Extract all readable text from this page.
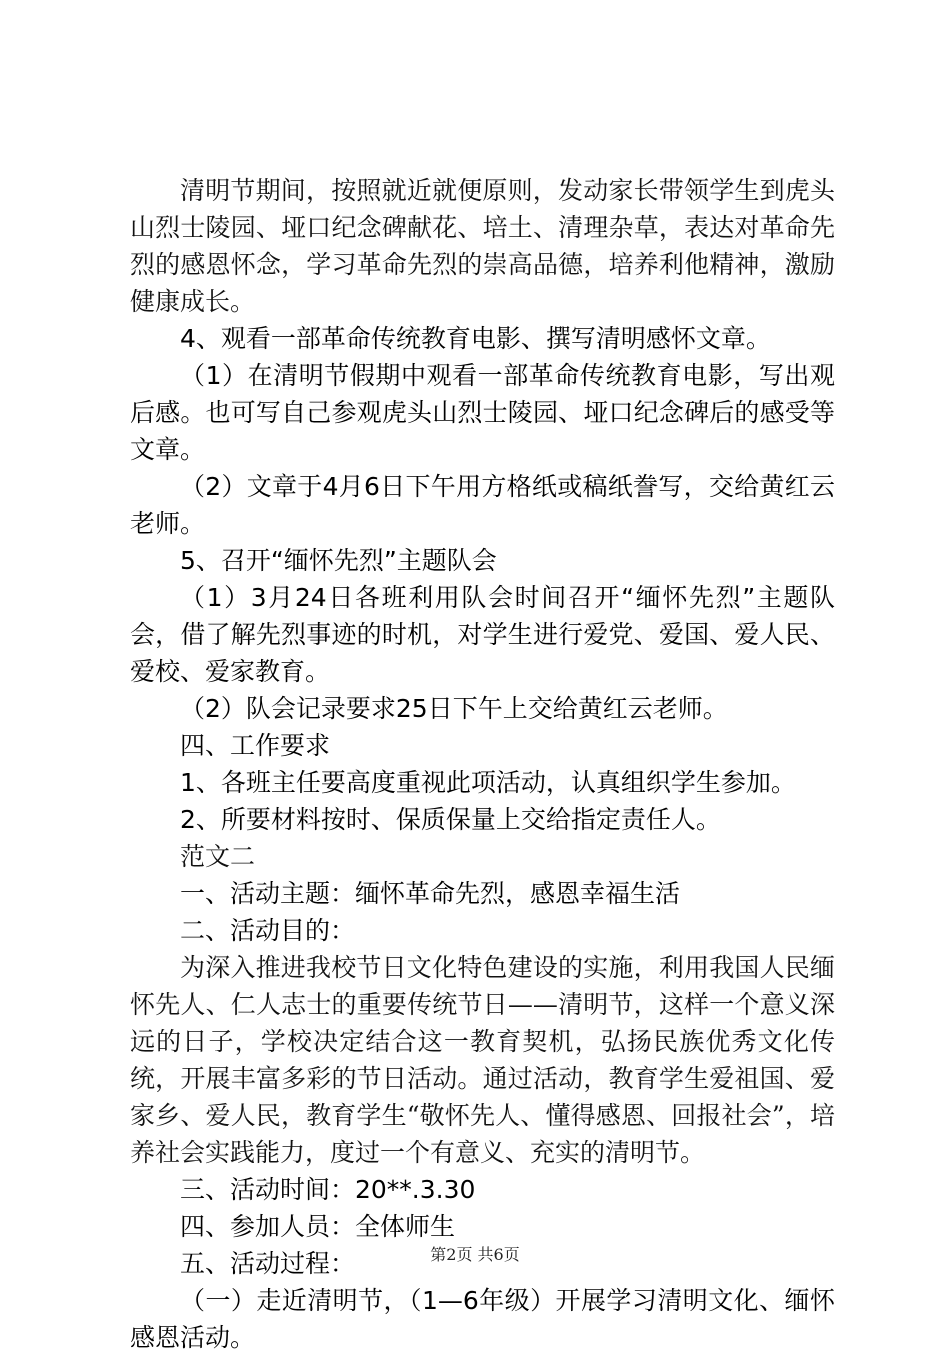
清明节期间，按照就近就便原则，发动家长带领学生到虎头山烈士陵园、垭口纪念碑献花、培土、清理杂草，表达对革命先烈的感恩怀念，学习革命先烈的崇高品德，培养利他精神，激励健康成长。

4、观看一部革命传统教育电影、撰写清明感怀文章。

（1）在清明节假期中观看一部革命传统教育电影，写出观后感。也可写自己参观虎头山烈士陵园、垭口纪念碑后的感受等文章。

（2）文章于4月6日下午用方格纸或稿纸誊写，交给黄红云老师。

5、召开“缅怀先烈”主题队会

（1）3月24日各班利用队会时间召开“缅怀先烈”主题队会，借了解先烈事迹的时机，对学生进行爱党、爱国、爱人民、爱校、爱家教育。

（2）队会记录要求25日下午上交给黄红云老师。

四、工作要求

1、各班主任要高度重视此项活动，认真组织学生参加。

2、所要材料按时、保质保量上交给指定责任人。

范文二

一、活动主题：缅怀革命先烈，感恩幸福生活

二、活动目的：

为深入推进我校节日文化特色建设的实施，利用我国人民缅怀先人、仁人志士的重要传统节日——清明节，这样一个意义深远的日子，学校决定结合这一教育契机，弘扬民族优秀文化传统，开展丰富多彩的节日活动。通过活动，教育学生爱祖国、爱家乡、爱人民，教育学生“敬怀先人、懂得感恩、回报社会”，培养社会实践能力，度过一个有意义、充实的清明节。

三、活动时间：20**.3.30

四、参加人员：全体师生

五、活动过程：

（一）走近清明节，（1—6年级）开展学习清明文化、缅怀感恩活动。

第2页 共6页
